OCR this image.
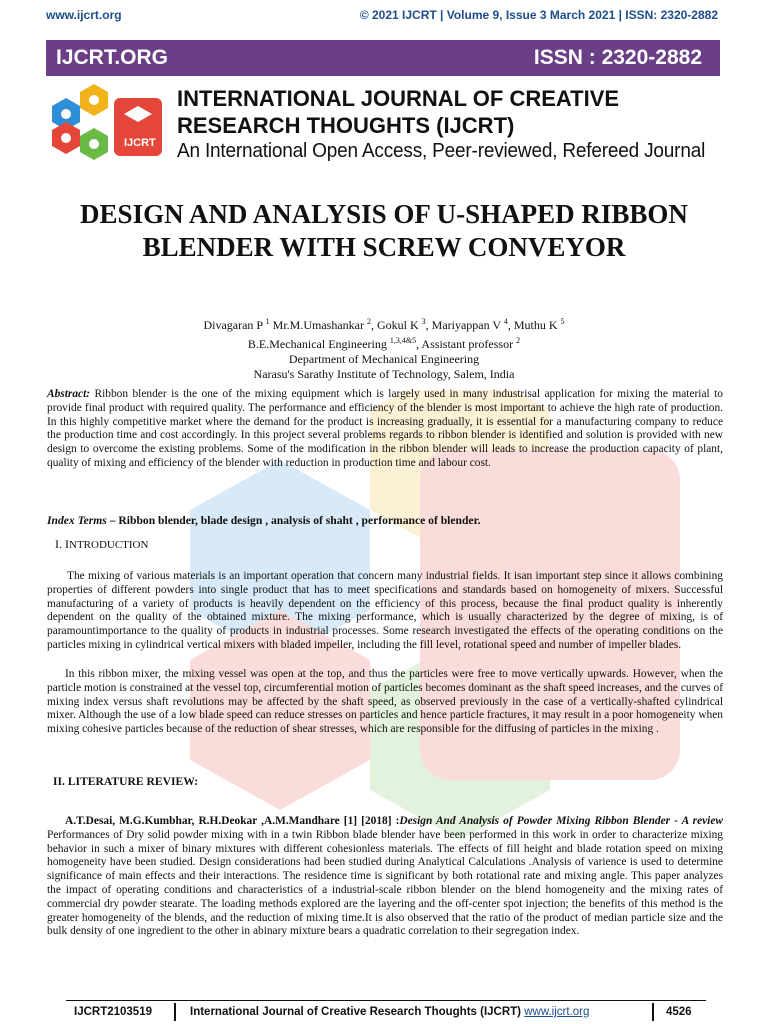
www.ijcrt.org	© 2021 IJCRT | Volume 9, Issue 3 March 2021 | ISSN: 2320-2882
IJCRT.ORG	ISSN : 2320-2882
IJCRT
INTERNATIONAL JOURNAL OF CREATIVE
RESEARCH THOUGHTS (IJCRT)
An International Open Access, Peer-reviewed, Refereed Journal
DESIGN AND ANALYSIS OF U-SHAPED RIBBON BLENDER WITH SCREW CONVEYOR
Divagaran P $^1$ Mr.M.Umashankar $^2$, Gokul K $^3$, Mariyappan V $^4$, Muthu K $^5$
B.E.Mechanical Engineering $^{1,3,4\&5}$, Assistant professor $^2$
Department of Mechanical Engineering
Narasu's Sarathy Institute of Technology, Salem, India
Abstract: Ribbon blender is the one of the mixing equipment which is largely used in many industrisal application for mixing the material to provide final product with required quality. The performance and efficiency of the blender is most important to achieve the high rate of production. In this highly competitive market where the demand for the product is increasing gradually, it is essential for a manufacturing company to reduce the production time and cost accordingly. In this project several problems regards to ribbon blender is identified and solution is provided with new design to overcome the existing problems. Some of the modification in the ribbon blender will leads to increase the production capacity of plant, quality of mixing and efficiency of the blender with reduction in production time and labour cost.
Index Terms – Ribbon blender, blade design , analysis of shaht , performance of blender.
I. INTRODUCTION
The mixing of various materials is an important operation that concern many industrial fields. It isan important step since it allows combining properties of different powders into single product that has to meet specifications and standards based on homogeneity of mixers. Successful manufacturing of a variety of products is heavily dependent on the efficiency of this process, because the final product quality is inherently dependent on the quality of the obtained mixture. The mixing performance, which is usually characterized by the degree of mixing, is of paramountimportance to the quality of products in industrial processes. Some research investigated the effects of the operating conditions on the particles mixing in cylindrical vertical mixers with bladed impeller, including the fill level, rotational speed and number of impeller blades.
In this ribbon mixer, the mixing vessel was open at the top, and thus the particles were free to move vertically upwards. However, when the particle motion is constrained at the vessel top, circumferential motion of particles becomes dominant as the shaft speed increases, and the curves of mixing index versus shaft revolutions may be affected by the shaft speed, as observed previously in the case of a vertically-shafted cylindrical mixer. Although the use of a low blade speed can reduce stresses on particles and hence particle fractures, it may result in a poor homogeneity when mixing cohesive particles because of the reduction of shear stresses, which are responsible for the diffusing of particles in the mixing .
II. LITERATURE REVIEW:
A.T.Desai, M.G.Kumbhar, R.H.Deokar ,A.M.Mandhare [1] [2018] :Design And Analysis of Powder Mixing Ribbon Blender - A review Performances of Dry solid powder mixing with in a twin Ribbon blade blender have been performed in this work in order to characterize mixing behavior in such a mixer of binary mixtures with different cohesionless materials. The effects of fill height and blade rotation speed on mixing homogeneity have been studied. Design considerations had been studied during Analytical Calculations .Analysis of varience is used to determine significance of main effects and their interactions. The residence time is significant by both rotational rate and mixing angle. This paper analyzes the impact of operating conditions and characteristics of a industrial-scale ribbon blender on the blend homogeneity and the mixing rates of commercial dry powder stearate. The loading methods explored are the layering and the off-center spot injection; the benefits of this method is the greater homogeneity of the blends, and the reduction of mixing time.It is also observed that the ratio of the product of median particle size and the bulk density of one ingredient to the other in abinary mixture bears a quadratic correlation to their segregation index.
IJCRT2103519	International Journal of Creative Research Thoughts (IJCRT) www.ijcrt.org	4526
